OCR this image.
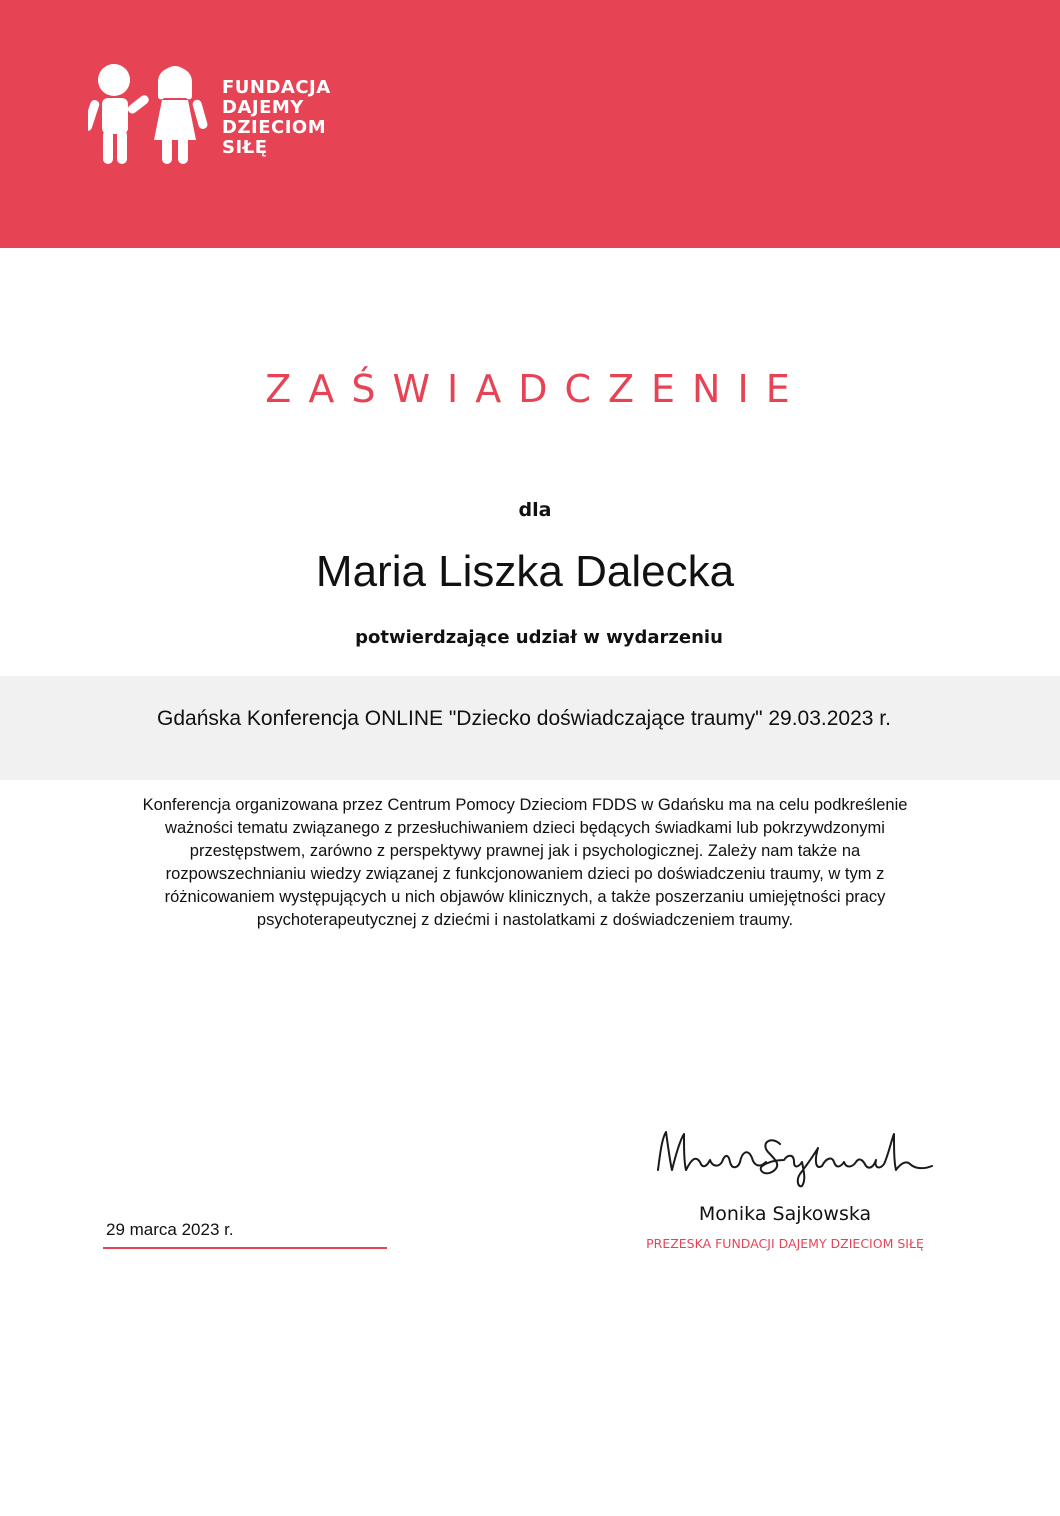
FUNDACJA
DAJEMY
DZIECIOM
SIŁĘ
ZAŚWIADCZENIE
dla
Maria Liszka Dalecka
potwierdzające udział w wydarzeniu
Gdańska Konferencja ONLINE "Dziecko doświadczające traumy" 29.03.2023 r.
Konferencja organizowana przez Centrum Pomocy Dzieciom FDDS w Gdańsku ma na celu podkreślenie ważności tematu związanego z przesłuchiwaniem dzieci będących świadkami lub pokrzywdzonymi przestępstwem, zarówno z perspektywy prawnej jak i psychologicznej. Zależy nam także na rozpowszechnianiu wiedzy związanej z funkcjonowaniem dzieci po doświadczeniu traumy, w tym z różnicowaniem występujących u nich objawów klinicznych, a także poszerzaniu umiejętności pracy psychoterapeutycznej z dziećmi i nastolatkami z doświadczeniem traumy.
Monika Sajkowska
PREZESKA FUNDACJI DAJEMY DZIECIOM SIŁĘ
29 marca 2023 r.
